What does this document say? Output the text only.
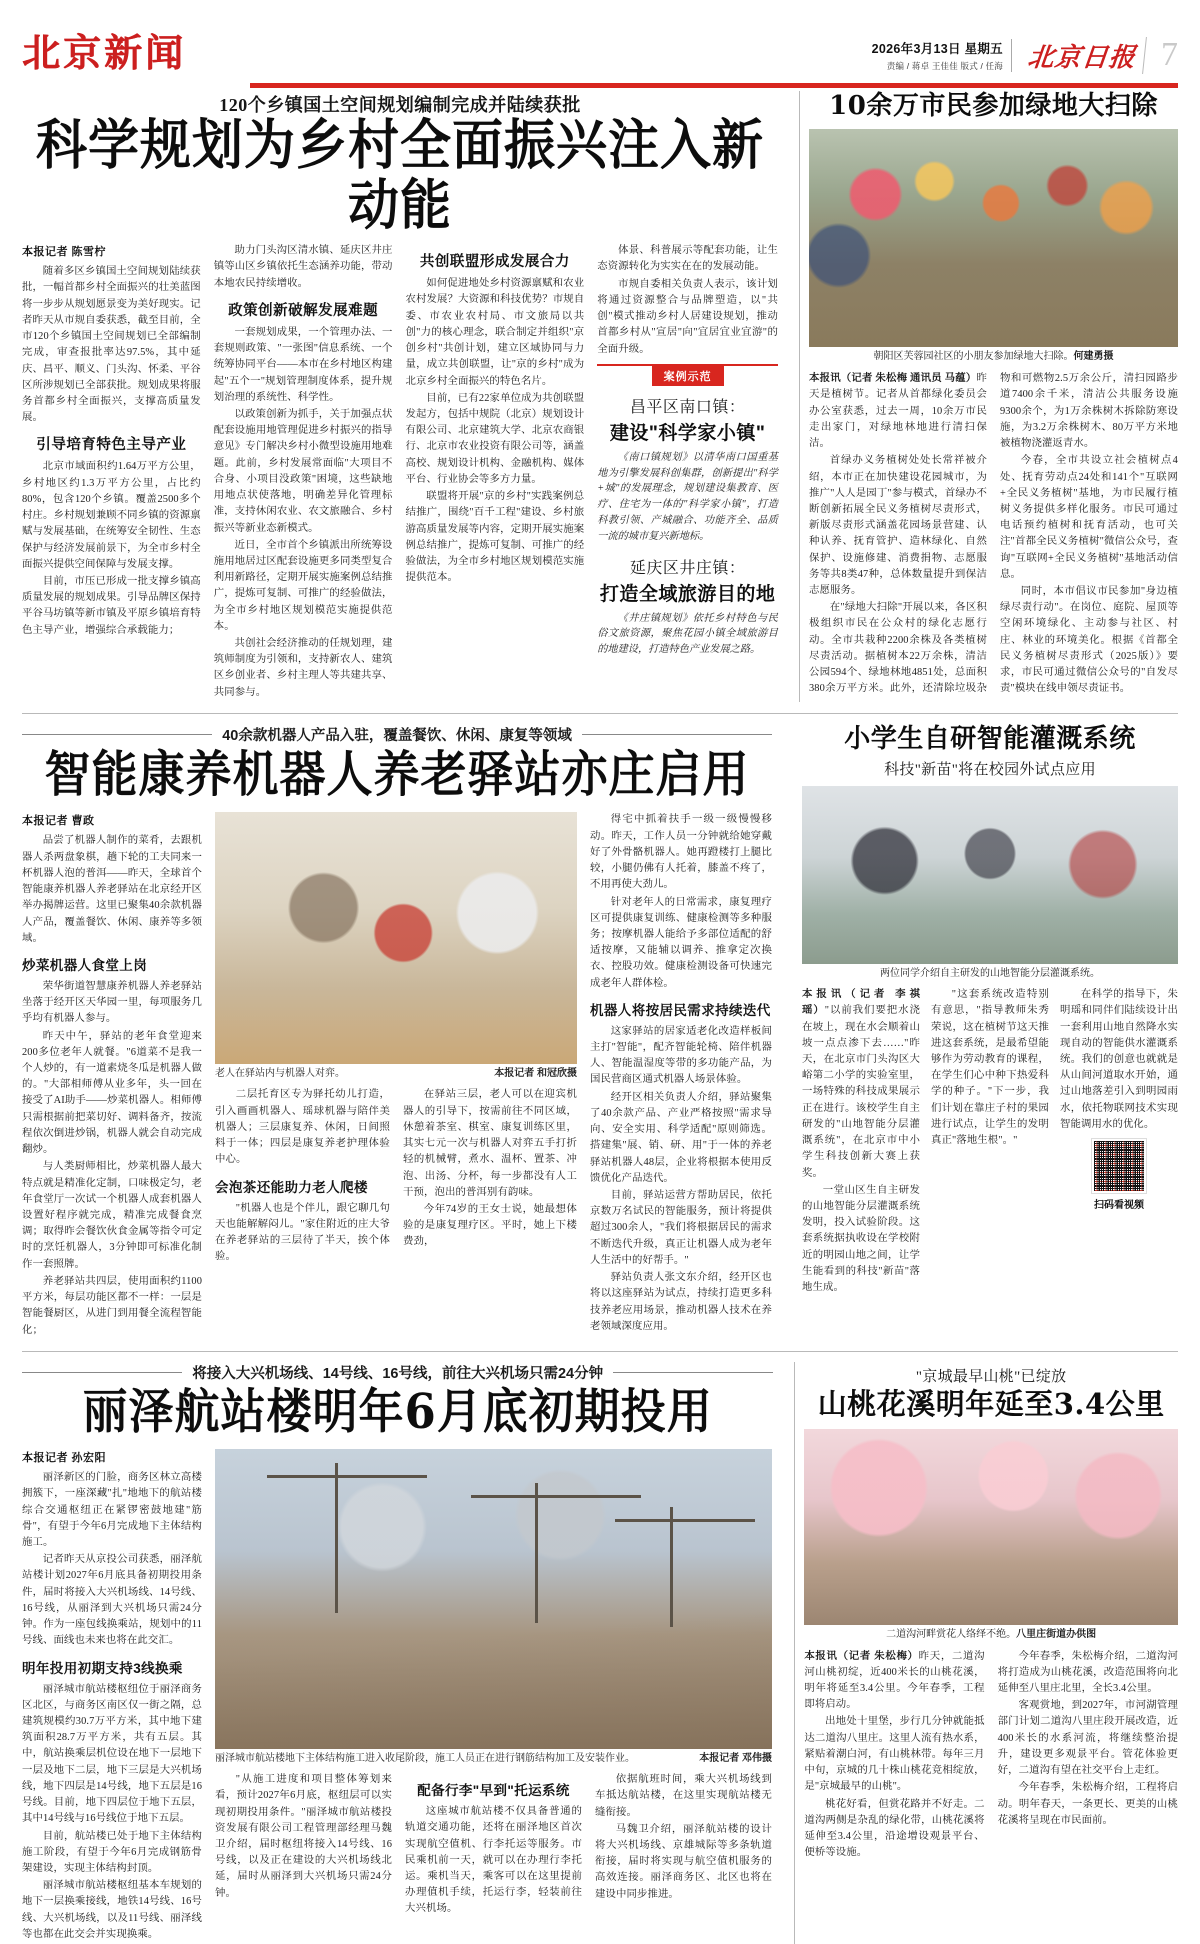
北京新闻	2026年3月13日 星期五
责编 / 蒋卓 王佳佳 版式 / 任海 北京日报 7
120个乡镇国土空间规划编制完成并陆续获批
科学规划为乡村全面振兴注入新动能
本报记者 陈雪柠

随着多区乡镇国土空间规划陆续获批，一幅首都乡村全面振兴的壮美蓝图将一步步从规划愿景变为美好现实。记者昨天从市规自委获悉，截至目前，全市120个乡镇国土空间规划已全部编制完成，审查报批率达97.5%，其中延庆、昌平、顺义、门头沟、怀柔、平谷区所涉规划已全部获批。规划成果将服务首都乡村全面振兴，支撑高质量发展。

引导培育特色主导产业

北京市域面积约1.64万平方公里，乡村地区约1.3万平方公里，占比约80%，包含120个乡镇。覆盖2500多个村庄。乡村规划兼顾不同乡镇的资源禀赋与发展基础，在统筹安全韧性、生态保护与经济发展前景下，为全市乡村全面振兴提供空间保障与发展支撑。

目前，市压已形成一批支撑乡镇高质量发展的规划成果。引导品牌区保持平谷马坊镇等新市镇及平原乡镇培育特色主导产业，增强综合承载能力；

助力门头沟区清水镇、延庆区井庄镇等山区乡镇依托生态涵养功能，带动本地农民持续增收。

政策创新破解发展难题

一套规划成果，一个管理办法、一套规则政策、"一张图"信息系统、一个统筹协同平台——本市在乡村地区构建起"五个一"规划管理制度体系，提升规划治理的系统性、科学性。

以政策创新为抓手，关于加强点状配套设施用地管理促进乡村振兴的指导意见》专门解决乡村小微型设施用地难题。此前，乡村发展常面临"大项目不合身、小项目没政策"困境，这些缺地用地点状使落地，明确差异化管理标准，支持休闲农业、农文旅融合、乡村振兴等新业态新模式。

近日，全市首个乡镇派出所统筹设施用地居过区配套设施更多同类型复合利用新路径，定期开展实施案例总结推广，提炼可复制、可推广的经验做法，为全市乡村地区规划模范实施提供范本。

共创社会经济推动的任规划理，建筑师制度为引领和，支持新农人、建筑区乡创业者、乡村主理人等共建共享、共同参与。

共创联盟形成发展合力

如何促进地处乡村资源禀赋和农业农村发展？大资源和科技优势？市规自委、市农业农村局、市文旅局以共创"力的核心理念，联合制定并组织"京创乡村"共创计划，建立区域协同与力量，成立共创联盟，让"京的乡村"成为北京乡村全面振兴的特色名片。

目前，已有22家单位成为共创联盟发起方，包括中规院（北京）规划设计有限公司、北京建筑大学、北京农商银行、北京市农业投资有限公司等，涵盖高校、规划设计机构、金融机构、媒体平台、行业协会等多方力量。

联盟将开展"京的乡村"实践案例总结推广，围绕"百千工程"建设、乡村旅游高质量发展等内容，定期开展实施案例总结推广，提炼可复制、可推广的经验做法，为全市乡村地区规划模范实施提供范本。

体景、科普展示等配套功能，让生态资源转化为实实在在的发展动能。

市规自委相关负责人表示，该计划将通过资源整合与品牌塑造，以"共创"模式推动乡村人居建设规划，推动首都乡村从"宣居"向"宜居宜业宜游"的全面升级。

案例示范
昌平区南口镇：
建设"科学家小镇"

《南口镇规划》以清华南口国重基地为引擎发展科创集群，创新提出"科学+城"的发展理念，规划建设集教育、医疗、住宅为一体的"科学家小镇"，打造科教引领、产城融合、功能齐全、品质一流的城市复兴新地标。

延庆区井庄镇：
打造全域旅游目的地

《井庄镇规划》依托乡村特色与民俗文旅资源，聚焦花园小镇全域旅游目的地建设，打造特色产业发展之路。

10余万市民参加绿地大扫除
朝阳区芙蓉园社区的小朋友参加绿地大扫除。何建勇摄

本报讯（记者 朱松梅 通讯员 马蕴）昨天是植树节。记者从首都绿化委员会办公室获悉，过去一周，10余万市民走出家门，对绿地林地进行清扫保洁。

首绿办义务植树处处长常祥被介绍，本市正在加快建设花园城市，为推广"人人是园丁"参与模式，首绿办不断创新拓展全民义务植树尽责形式，新版尽责形式涵盖花园场景营建、认种认养、抚育管护、造林绿化、自然保护、设施修建、消费捐物、志愿服务等共8类47种，总体数量提升到保洁志愿服务。

在"绿地大扫除"开展以来，各区积极组织市民在公众村的绿化志愿行动。全市共栽种2200余株及各类植树尽责活动。据植树本22万余株，清洁公园594个、绿地林地4851处，总面积380余万平方米。此外，还清除垃圾杂物和可燃物2.5万余公斤，清扫园路步道7400余千米，清洁公共服务设施9300余个，为1万余株树木拆除防寒设施，为3.2万余株树木、80万平方米地被植物浇灌返青水。

今春，全市共设立社会植树点4处、抚育劳动点24处和141个"互联网+全民义务植树"基地，为市民履行植树义务提供多样化服务。市民可通过电话预约植树和抚育活动，也可关注"首都全民义务植树"微信公众号，查询"互联网+全民义务植树"基地活动信息。

同时，本市倡议市民参加"身边植绿尽责行动"。在岗位、庭院、屋顶等空闲环境绿化、主动参与社区、村庄、林业的环境美化。根据《首都全民义务植树尽责形式（2025版）》要求，市民可通过微信公众号的"自发尽责"模块在线申领尽责证书。

40余款机器人产品入驻，覆盖餐饮、休闲、康复等领域
智能康养机器人养老驿站亦庄启用
本报记者 曹政

品尝了机器人制作的菜肴，去跟机器人杀两盘象棋，趟下轮的工夫同来一杯机器人泡的普洱——昨天，全球首个智能康养机器人养老驿站在北京经开区举办揭牌运营。这里已聚集40余款机器人产品，覆盖餐饮、休闲、康养等多领域。

炒菜机器人食堂上岗

荣华街道智慧康养机器人养老驿站坐落于经开区天华园一里，每项服务几乎均有机器人参与。

昨天中午，驿站的老年食堂迎来200多位老年人就餐。"6道菜不是我一个人炒的，有一道素烧冬瓜是机器人做的。"大部相师傅从业多年，头一回在接受了AI助手——炒菜机器人。相师傅只需根据前把菜切好、调料备齐，按流程依次倒进炒锅，机器人就会自动完成翻炒。

与人类厨师相比，炒菜机器人最大特点就是精准化定制，口味极定匀，老年食堂厅一次试一个机器人成套机器人设置好程序就完成，精准完成餐食烹调；取得昨会餐饮伙食金属等指令可定时的烹饪机器人，3分钟即可标准化制作一套照牌。

养老驿站共四层，使用面积约1100平方米，每层功能区都不一样：一层是智能餐厨区，从进门到用餐全流程智能化；

老人在驿站内与机器人对弈。	本报记者 和冠欣摄

二层托育区专为驿托幼儿打造，引入画画机器人、瑶球机器与陪伴美机器人；三层康复养、休闲，日间照料于一体；四层是康复养老护理体验中心。

会泡茶还能助力老人爬楼

"机器人也是个伴儿，跟它聊几句天也能解解闷儿。"家住附近的庄大爷在养老驿站的三层待了半天，挨个体验。

在驿站三层，老人可以在迎宾机器人的引导下，按需前往不同区域，休憩着茶室、棋室、康复训练区里，其实七元一次与机器人对弈五手打折轻的机械臂，煮水、温杯、置茶、冲泡、出汤、分杯，每一步都没有人工干预，泡出的普洱别有韵味。

今年74岁的王女士说，她最想体验的是康复理疗区。平时，她上下楼费劲，

得宅中抓着扶手一级一级慢慢移动。昨天，工作人员一分钟就给她穿戴好了外骨骼机器人。她再蹬楼打上腿比较，小腿仍佛有人托着，膝盖不疼了，不用再使大劲儿。

针对老年人的日常需求，康复理疗区可提供康复训练、健康检测等多种服务；按摩机器人能给予多部位适配的舒适按摩，又能辅以调养、推拿定次换衣、控股功效。健康检测设备可快速完成老年人群体检。

机器人将按居民需求持续迭代

这家驿站的居家适老化改造样板间主打"智能"，配齐智能轮椅、陪伴机器人、智能温湿度等带的多功能产品，为国民营商区通式机器人场景体验。

经开区相关负责人介绍，驿站聚集了40余款产品、产业严格按照"需求导向、安全实用、科学适配"原则筛选。搭建集"展、销、研、用"于一体的养老驿站机器人48层，企业将根据本使用反馈优化产品迭代。

目前，驿站运营方帮助居民，依托京数万名试民的智能服务，预计将提供超过300余人，"我们将根据居民的需求不断迭代升级，真正让机器人成为老年人生活中的好帮手。"

驿站负责人张文东介绍，经开区也将以这座驿站为试点，持续打造更多科技养老应用场景，推动机器人技术在养老领域深度应用。

小学生自研智能灌溉系统
科技"新苗"将在校园外试点应用
两位同学介绍自主研发的山地智能分层灌溉系统。

本报讯（记者 李祺瑶）"以前我们要把水浇在坡上，现在水会顺着山坡一点点渗下去……"昨天，在北京市门头沟区大峪第二小学的实验室里，一场特殊的科技成果展示正在进行。该校学生自主研发的"山地智能分层灌溉系统"，在北京市中小学生科技创新大赛上获奖。

一堂山区生自主研发的山地智能分层灌溉系统发明，投入试验阶段。这套系统据执收设在学校附近的明园山地之间，让学生能看到的科技"新苗"落地生成。

"这套系统改造特别有意思，"指导教师朱秀荣说，这在植树节这天推进这套系统，是最希望能够作为劳动教育的课程，在学生们心中种下热爱科学的种子。"下一步，我们计划在靠庄子村的果园进行试点，让学生的发明真正"落地生根"。"

在科学的指导下，朱明瑶和同伴们陆续设计出一套利用山地自然降水实现自动的智能供水灌溉系统。我们的创意也就就是从山间河道取水开始，通过山地落差引入到明园雨水，依托物联网技术实现智能调用水的优化。

扫码看视频
将接入大兴机场线、14号线、16号线，前往大兴机场只需24分钟
丽泽航站楼明年6月底初期投用
本报记者 孙宏阳

丽泽新区的门脸，商务区林立高楼拥簇下，一座深藏"扎"地地下的航站楼综合交通枢纽正在紧锣密鼓地建"筋骨"，有望于今年6月完成地下主体结构施工。

记者昨天从京投公司获悉，丽泽航站楼计划2027年6月底具备初期投用条件，届时将接入大兴机场线、14号线、16号线，从丽泽到大兴机场只需24分钟。作为一座包线换乘站，规划中的11号线、面线也未来也将在此交汇。

明年投用初期支持3线换乘

丽泽城市航站楼枢纽位于丽泽商务区北区，与商务区南区仅一街之隔，总建筑规模约30.7万平方米，其中地下建筑面积28.7万平方米，共有五层。其中，航站换乘层机位设在地下一层地下一层及地下二层，地下三层是大兴机场线，地下四层是14号线，地下五层是16号线。目前，地下四层位于地下五层，其中14号线与16号线位于地下五层。

目前，航站楼已处于地下主体结构施工阶段，有望于今年6月完成钢筋骨架建设，实现主体结构封顶。

丽泽城市航站楼枢纽基本车规划的地下一层换乘接线，地铁14号线、16号线、大兴机场线，以及11号线、丽泽线等也都在此交会并实现换乘。

丽泽城市航站楼地下主体结构施工进入收尾阶段，施工人员正在进行钢筋结构加工及安装作业。	本报记者 邓伟摄

"从施工进度和项目整体筹划来看，预计2027年6月底，枢纽层可以实现初期投用条件。"丽泽城市航站楼投资发展有限公司工程管理部经理马魏卫介绍，届时枢纽将接入14号线、16号线，以及正在建设的大兴机场线北延，届时从丽泽到大兴机场只需24分钟。

配备行李"早到"托运系统

这座城市航站楼不仅具备普通的轨道交通功能，还将在丽泽地区首次实现航空值机、行李托运等服务。市民乘机前一天，就可以在办理行李托运。乘机当天，乘客可以在这里提前办理值机手续，托运行李，轻装前往大兴机场。

依据航班时间，乘大兴机场线到车抵达航站楼，在这里实现航站楼无缝衔接。

马魏卫介绍，丽泽航站楼的设计将大兴机场线、京雄城际等多条轨道衔接，届时将实现与航空值机服务的高效连接。丽泽商务区、北区也将在建设中同步推进。

"京城最早山桃"已绽放
山桃花溪明年延至3.4公里
二道沟河畔赏花人络绎不绝。八里庄街道办供图

本报讯（记者 朱松梅）昨天，二道沟河山桃初绽，近400米长的山桃花溪，明年将延至3.4公里。今年春季，工程即将启动。

出地处十里堡，步行几分钟就能抵达二道沟八里庄。这里人流有热水系，紧贴着潮白河，有山桃林带。每年三月中旬，京城的几十株山桃花竞相绽放，是"京城最早的山桃"。

桃花好看，但赏花路并不好走。二道沟两侧是杂乱的绿化带，山桃花溪将延伸至3.4公里，沿途增设观景平台、便桥等设施。

今年春季，朱松梅介绍，二道沟河将打造成为山桃花溪，改造范围将向北延伸至八里庄北里，全长3.4公里。

客观赏地，到2027年，市河湖管理部门计划二道沟八里庄段开展改造，近400米长的水系河流，将继续整治提升，建设更多观景平台。管花体验更好，二道沟有望在社交平台上走红。

今年春季，朱松梅介绍，工程将启动。明年春天，一条更长、更美的山桃花溪将呈现在市民面前。
